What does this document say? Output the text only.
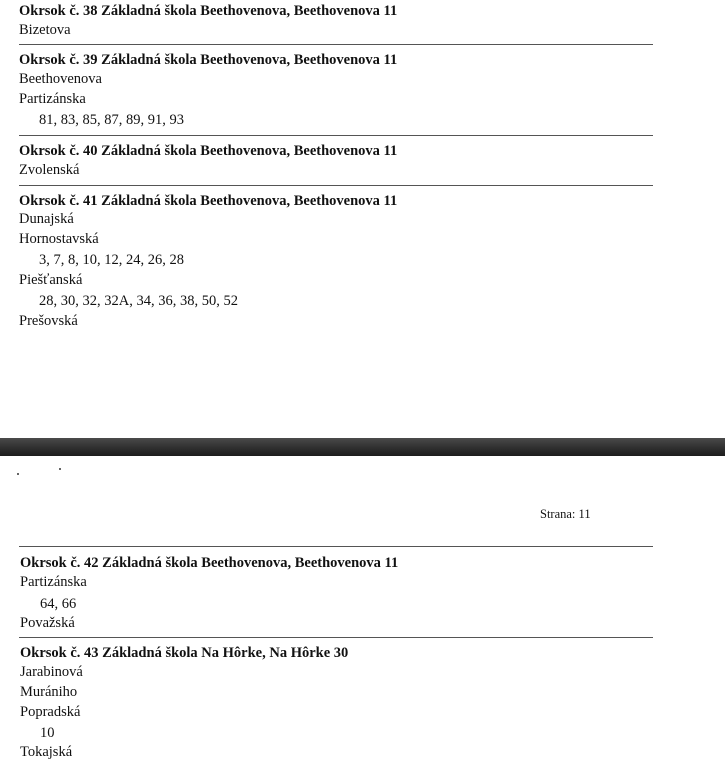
Okrsok č. 38 Základná škola Beethovenova, Beethovenova 11
Bizetova
Okrsok č. 39 Základná škola Beethovenova, Beethovenova 11
Beethovenova
Partizánska
81, 83, 85, 87, 89, 91, 93
Okrsok č. 40 Základná škola Beethovenova, Beethovenova 11
Zvolenská
Okrsok č. 41 Základná škola Beethovenova, Beethovenova 11
Dunajská
Hornostavská
3, 7, 8, 10, 12, 24, 26, 28
Piešťanská
28, 30, 32, 32A, 34, 36, 38, 50, 52
Prešovská
Strana: 11
Okrsok č. 42 Základná škola Beethovenova, Beethovenova 11
Partizánska
64, 66
Považská
Okrsok č. 43 Základná škola Na Hôrke, Na Hôrke 30
Jarabinová
Murániho
Popradská
10
Tokajská
